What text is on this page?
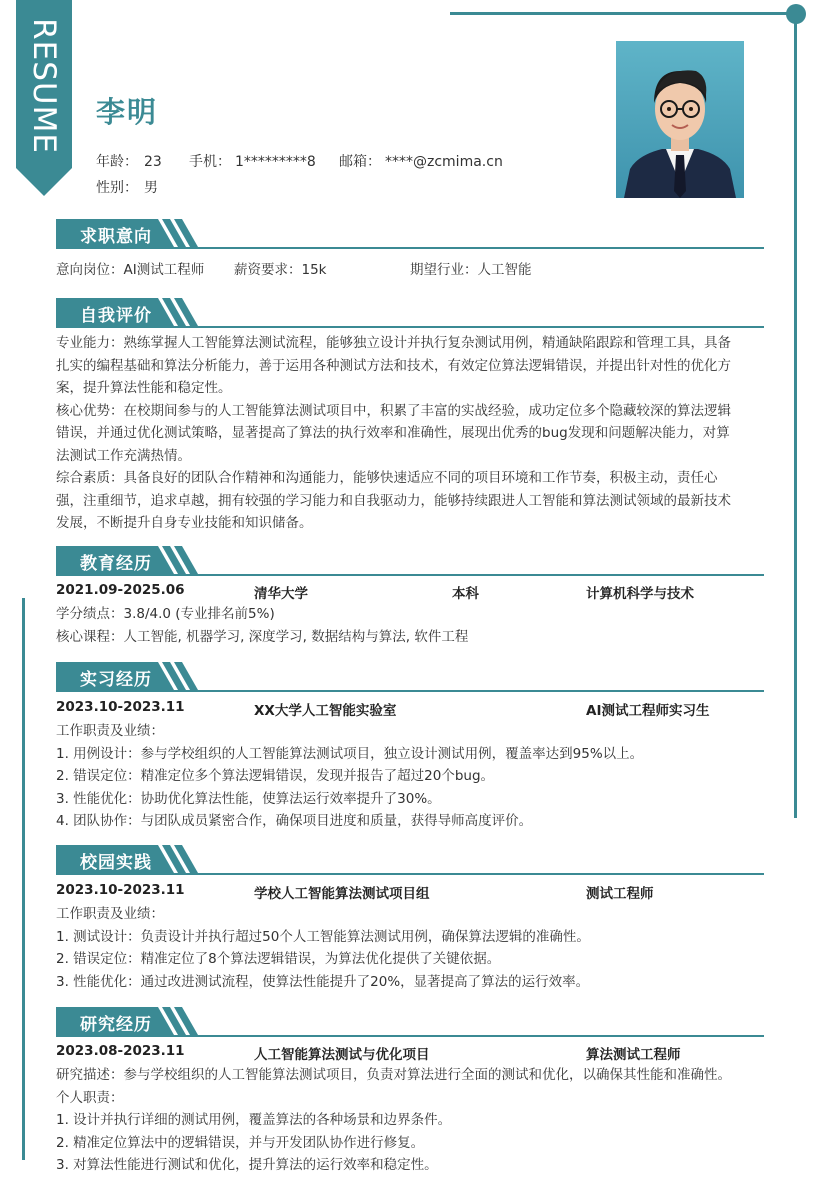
RESUME 李明
年龄： 23 手机： 1*********8 邮箱： ****@zcmima.cn
性别： 男
求职意向
意向岗位：AI测试工程师 薪资要求：15k	期望行业：人工智能
自我评价
专业能力：熟练掌握人工智能算法测试流程，能够独立设计并执行复杂测试用例，精通缺陷跟踪和管理工具，具备
扎实的编程基础和算法分析能力，善于运用各种测试方法和技术，有效定位算法逻辑错误，并提出针对性的优化方
案，提升算法性能和稳定性。
核心优势：在校期间参与的人工智能算法测试项目中，积累了丰富的实战经验，成功定位多个隐藏较深的算法逻辑
错误，并通过优化测试策略，显著提高了算法的执行效率和准确性，展现出优秀的bug发现和问题解决能力，对算
法测试工作充满热情。
综合素质：具备良好的团队合作精神和沟通能力，能够快速适应不同的项目环境和工作节奏，积极主动，责任心
强，注重细节，追求卓越，拥有较强的学习能力和自我驱动力，能够持续跟进人工智能和算法测试领域的最新技术
发展，不断提升自身专业技能和知识储备。
教育经历
2021.09-2025.06	清华大学	本科	计算机科学与技术
学分绩点：3.8/4.0 (专业排名前5%)
核心课程：人工智能, 机器学习, 深度学习, 数据结构与算法, 软件工程
实习经历
2023.10-2023.11	XX大学人工智能实验室	AI测试工程师实习生
工作职责及业绩：
1. 用例设计：参与学校组织的人工智能算法测试项目，独立设计测试用例，覆盖率达到95%以上。
2. 错误定位：精准定位多个算法逻辑错误，发现并报告了超过20个bug。
3. 性能优化：协助优化算法性能，使算法运行效率提升了30%。
4. 团队协作：与团队成员紧密合作，确保项目进度和质量，获得导师高度评价。
校园实践
2023.10-2023.11	学校人工智能算法测试项目组	测试工程师
工作职责及业绩：
1. 测试设计：负责设计并执行超过50个人工智能算法测试用例，确保算法逻辑的准确性。
2. 错误定位：精准定位了8个算法逻辑错误，为算法优化提供了关键依据。
3. 性能优化：通过改进测试流程，使算法性能提升了20%，显著提高了算法的运行效率。
研究经历
2023.08-2023.11	人工智能算法测试与优化项目	算法测试工程师
研究描述：参与学校组织的人工智能算法测试项目，负责对算法进行全面的测试和优化，以确保其性能和准确性。
个人职责：
1. 设计并执行详细的测试用例，覆盖算法的各种场景和边界条件。
2. 精准定位算法中的逻辑错误，并与开发团队协作进行修复。
3. 对算法性能进行测试和优化，提升算法的运行效率和稳定性。
